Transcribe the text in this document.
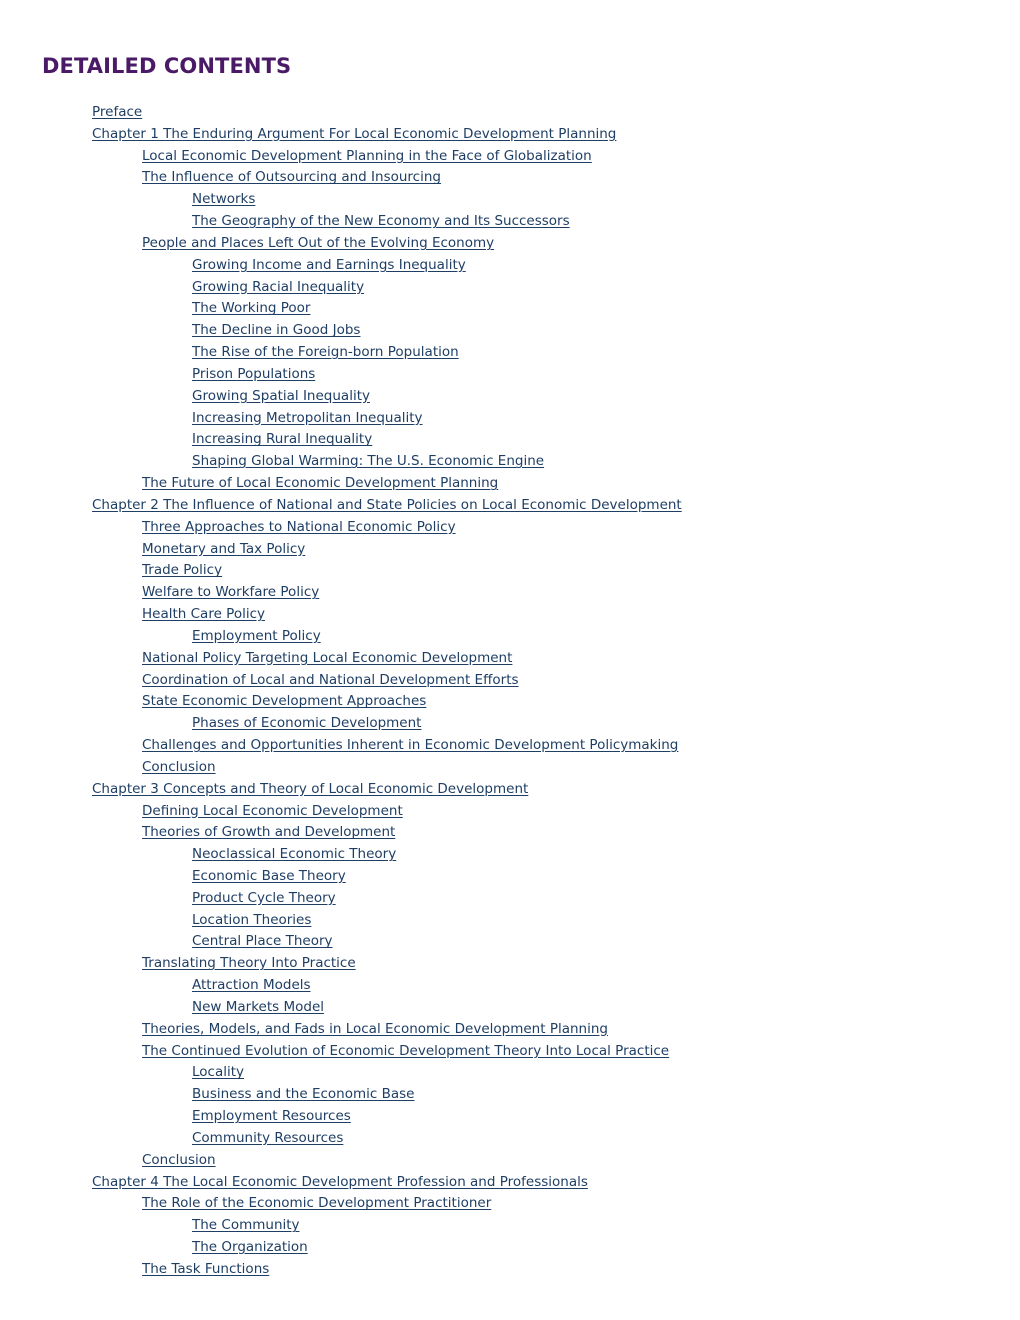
DETAILED CONTENTS
Preface
Chapter 1 The Enduring Argument For Local Economic Development Planning
Local Economic Development Planning in the Face of Globalization
The Influence of Outsourcing and Insourcing
Networks
The Geography of the New Economy and Its Successors
People and Places Left Out of the Evolving Economy
Growing Income and Earnings Inequality
Growing Racial Inequality
The Working Poor
The Decline in Good Jobs
The Rise of the Foreign-born Population
Prison Populations
Growing Spatial Inequality
Increasing Metropolitan Inequality
Increasing Rural Inequality
Shaping Global Warming: The U.S. Economic Engine
The Future of Local Economic Development Planning
Chapter 2 The Influence of National and State Policies on Local Economic Development
Three Approaches to National Economic Policy
Monetary and Tax Policy
Trade Policy
Welfare to Workfare Policy
Health Care Policy
Employment Policy
National Policy Targeting Local Economic Development
Coordination of Local and National Development Efforts
State Economic Development Approaches
Phases of Economic Development
Challenges and Opportunities Inherent in Economic Development Policymaking
Conclusion
Chapter 3 Concepts and Theory of Local Economic Development
Defining Local Economic Development
Theories of Growth and Development
Neoclassical Economic Theory
Economic Base Theory
Product Cycle Theory
Location Theories
Central Place Theory
Translating Theory Into Practice
Attraction Models
New Markets Model
Theories, Models, and Fads in Local Economic Development Planning
The Continued Evolution of Economic Development Theory Into Local Practice
Locality
Business and the Economic Base
Employment Resources
Community Resources
Conclusion
Chapter 4 The Local Economic Development Profession and Professionals
The Role of the Economic Development Practitioner
The Community
The Organization
The Task Functions
